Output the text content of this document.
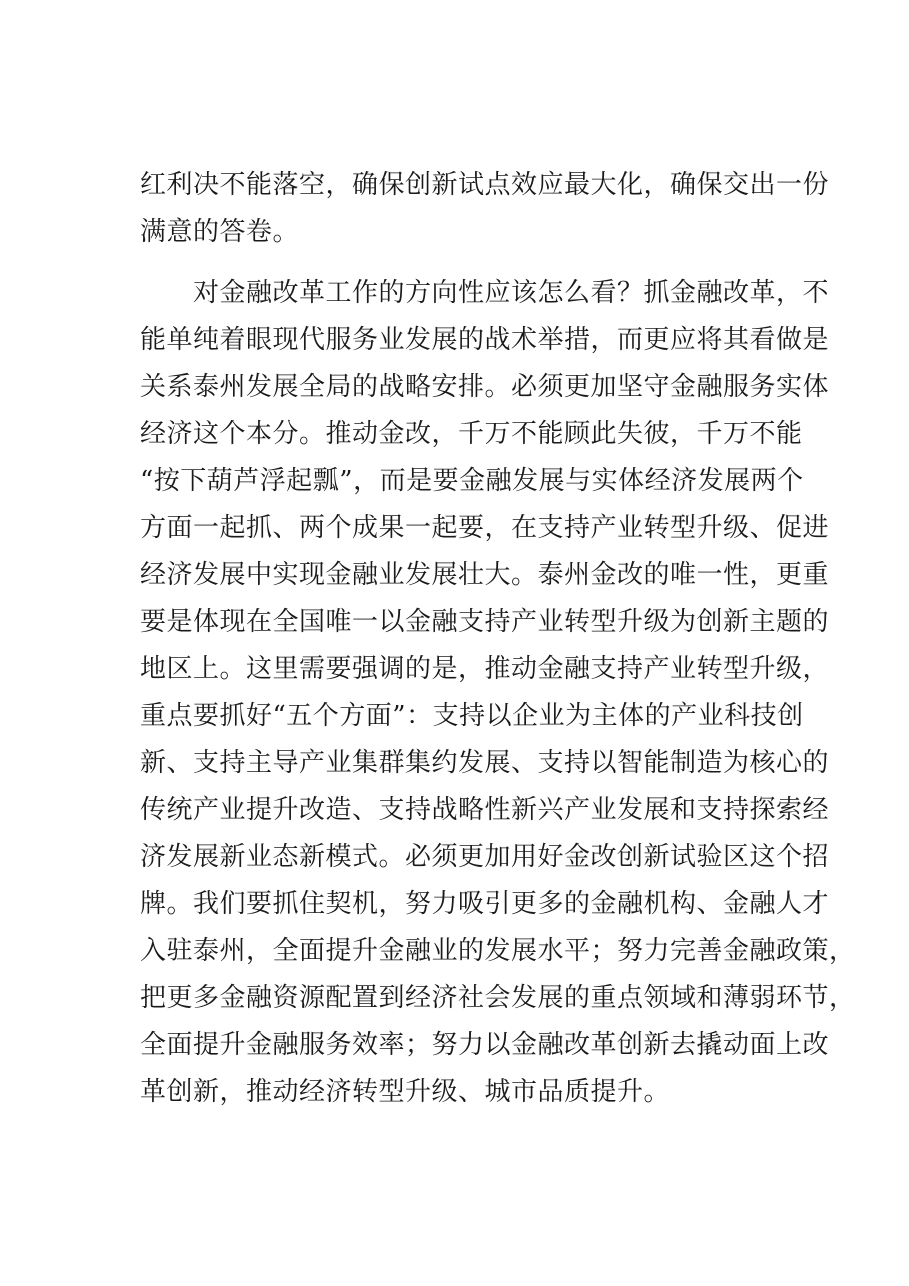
红利决不能落空，确保创新试点效应最大化，确保交出一份
满意的答卷。
　　对金融改革工作的方向性应该怎么看？抓金融改革，不
能单纯着眼现代服务业发展的战术举措，而更应将其看做是
关系泰州发展全局的战略安排。必须更加坚守金融服务实体
经济这个本分。推动金改，千万不能顾此失彼，千万不能
“按下葫芦浮起瓢”，而是要金融发展与实体经济发展两个
方面一起抓、两个成果一起要，在支持产业转型升级、促进
经济发展中实现金融业发展壮大。泰州金改的唯一性，更重
要是体现在全国唯一以金融支持产业转型升级为创新主题的
地区上。这里需要强调的是，推动金融支持产业转型升级，
重点要抓好“五个方面”：支持以企业为主体的产业科技创
新、支持主导产业集群集约发展、支持以智能制造为核心的
传统产业提升改造、支持战略性新兴产业发展和支持探索经
济发展新业态新模式。必须更加用好金改创新试验区这个招
牌。我们要抓住契机，努力吸引更多的金融机构、金融人才
入驻泰州，全面提升金融业的发展水平；努力完善金融政策，
把更多金融资源配置到经济社会发展的重点领域和薄弱环节，
全面提升金融服务效率；努力以金融改革创新去撬动面上改
革创新，推动经济转型升级、城市品质提升。
